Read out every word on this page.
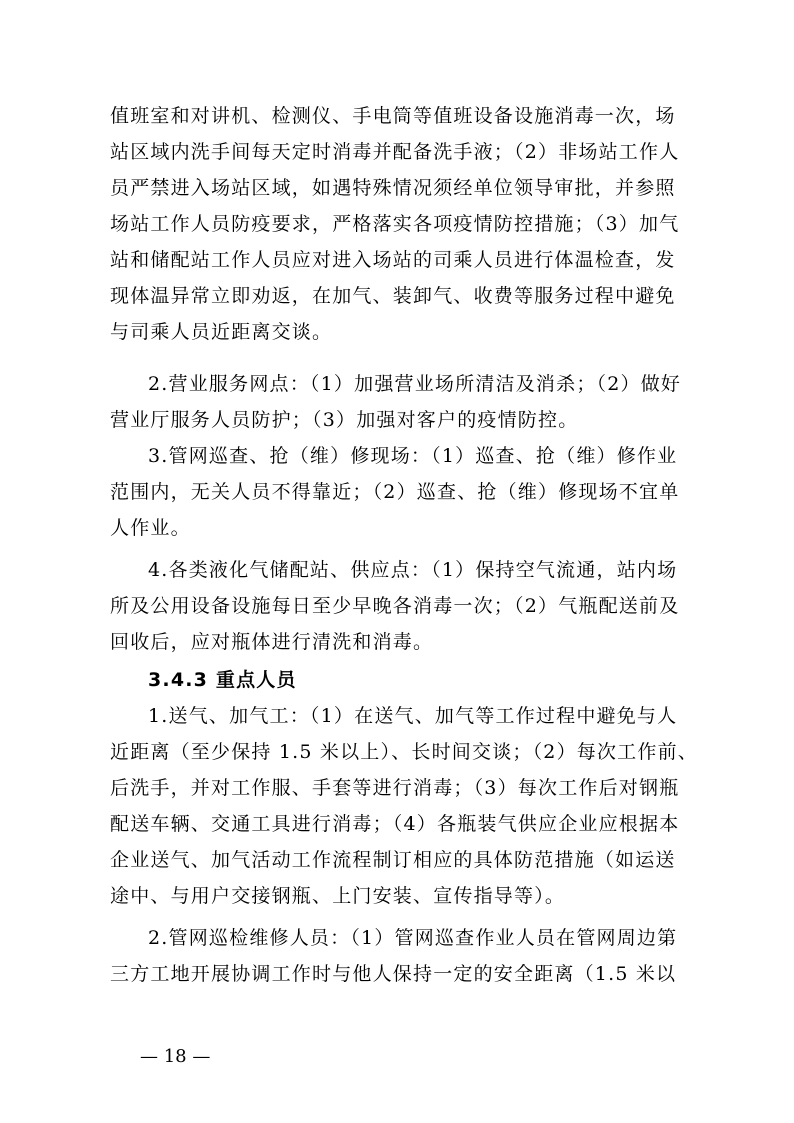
值班室和对讲机、检测仪、手电筒等值班设备设施消毒一次，场
站区域内洗手间每天定时消毒并配备洗手液；（2）非场站工作人
员严禁进入场站区域，如遇特殊情况须经单位领导审批，并参照
场站工作人员防疫要求，严格落实各项疫情防控措施；（3）加气
站和储配站工作人员应对进入场站的司乘人员进行体温检查，发
现体温异常立即劝返，在加气、装卸气、收费等服务过程中避免
与司乘人员近距离交谈。
2.营业服务网点：（1）加强营业场所清洁及消杀；（2）做好
营业厅服务人员防护；（3）加强对客户的疫情防控。
3.管网巡查、抢（维）修现场：（1）巡查、抢（维）修作业
范围内，无关人员不得靠近；（2）巡查、抢（维）修现场不宜单
人作业。
4.各类液化气储配站、供应点：（1）保持空气流通，站内场
所及公用设备设施每日至少早晚各消毒一次；（2）气瓶配送前及
回收后，应对瓶体进行清洗和消毒。
3.4.3 重点人员
1.送气、加气工：（1）在送气、加气等工作过程中避免与人
近距离（至少保持 1.5 米以上）、长时间交谈；（2）每次工作前、
后洗手，并对工作服、手套等进行消毒；（3）每次工作后对钢瓶
配送车辆、交通工具进行消毒；（4）各瓶装气供应企业应根据本
企业送气、加气活动工作流程制订相应的具体防范措施（如运送
途中、与用户交接钢瓶、上门安装、宣传指导等）。
2.管网巡检维修人员：（1）管网巡查作业人员在管网周边第
三方工地开展协调工作时与他人保持一定的安全距离（1.5 米以
— 18 —
